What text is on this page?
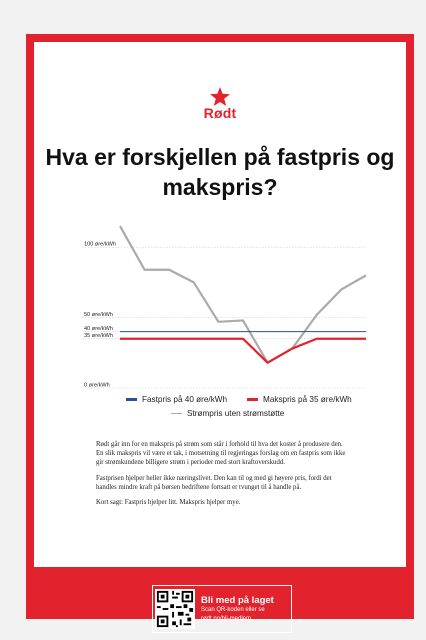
Rødt
Hva er forskjellen på fastpris og makspris?
100 øre/kWh
50 øre/kWh
40 øre/kWh
35 øre/kWh
0 øre/kWh
Fastpris på 40 øre/kWh	Makspris på 35 øre/kWh
Strømpris uten strømstøtte

Rødt går inn for en makspris på strøm som står i forhold til hva det koster å produsere den. En slik makspris vil være et tak, i motsetning til regjeringas forslag om en fastpris som ikke gir strømkundene billigere strøm i perioder med stort kraftoverskudd.

Fastprisen hjelper heller ikke næringslivet. Den kan til og med gi høyere pris, fordi det handles mindre kraft på børsen bedriftene fortsatt er tvunget til å handle på.

Kort sagt: Fastpris hjelper litt. Makspris hjelper mye.

Bli med på laget
Scan QR-koden eller se
rødt.no/bli-medlem
